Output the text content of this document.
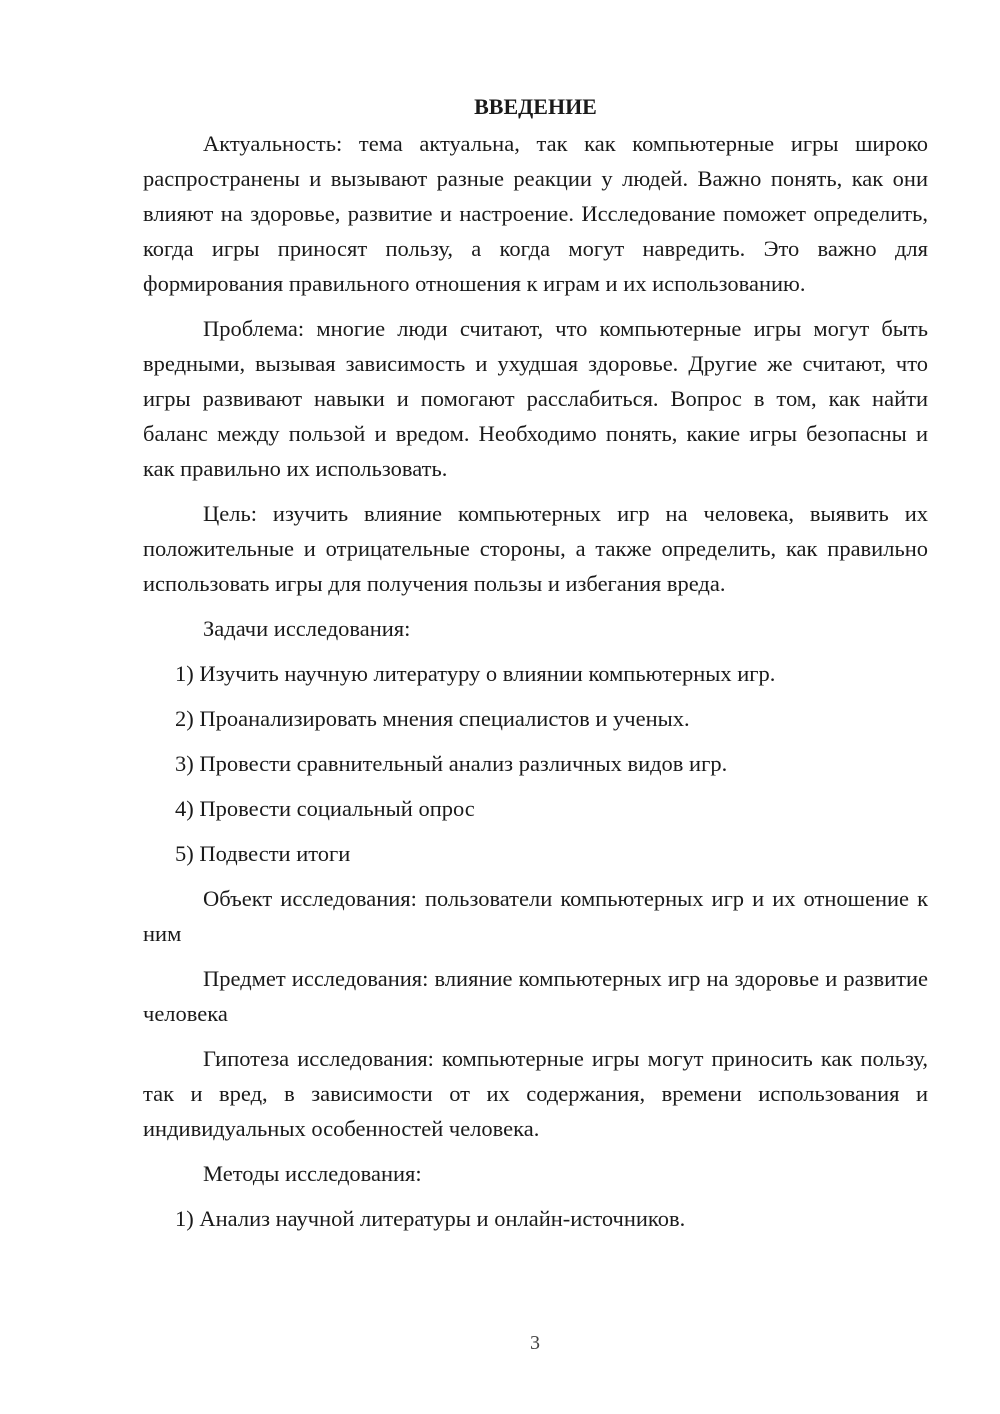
ВВЕДЕНИЕ

Актуальность: тема актуальна, так как компьютерные игры широко распространены и вызывают разные реакции у людей. Важно понять, как они влияют на здоровье, развитие и настроение. Исследование поможет определить, когда игры приносят пользу, а когда могут навредить. Это важно для формирования правильного отношения к играм и их использованию.

Проблема: многие люди считают, что компьютерные игры могут быть вредными, вызывая зависимость и ухудшая здоровье. Другие же считают, что игры развивают навыки и помогают расслабиться. Вопрос в том, как найти баланс между пользой и вредом. Необходимо понять, какие игры безопасны и как правильно их использовать.

Цель: изучить влияние компьютерных игр на человека, выявить их положительные и отрицательные стороны, а также определить, как правильно использовать игры для получения пользы и избегания вреда.

Задачи исследования:

1) Изучить научную литературу о влиянии компьютерных игр.
2) Проанализировать мнения специалистов и ученых.
3) Провести сравнительный анализ различных видов игр.
4) Провести социальный опрос
5) Подвести итоги

Объект исследования: пользователи компьютерных игр и их отношение к ним

Предмет исследования: влияние компьютерных игр на здоровье и развитие человека

Гипотеза исследования: компьютерные игры могут приносить как пользу, так и вред, в зависимости от их содержания, времени использования и индивидуальных особенностей человека.

Методы исследования:

1) Анализ научной литературы и онлайн-источников.
3
